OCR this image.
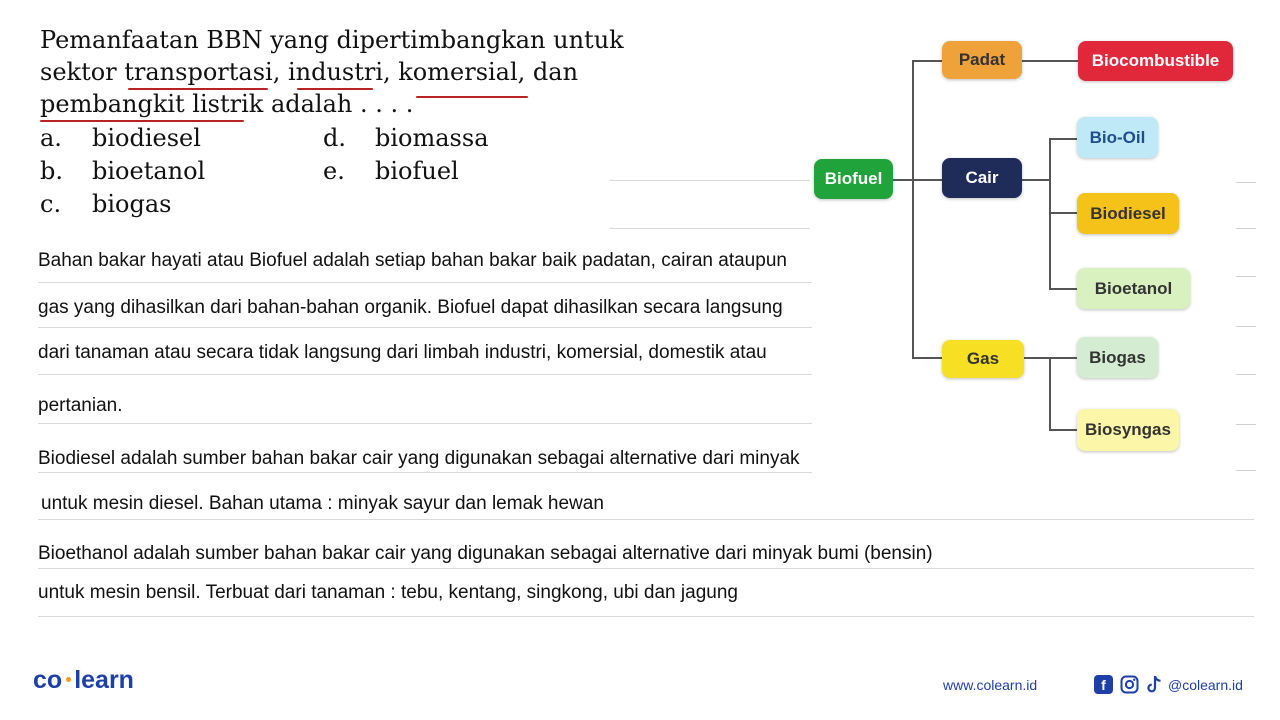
Pemanfaatan BBN yang dipertimbangkan untuk
sektor transportasi, industri, komersial, dan
pembangkit listrik adalah . . . .
a. biodiesel
b. bioetanol
c. biogas
d. biomassa
e. biofuel
Bahan bakar hayati atau Biofuel adalah setiap bahan bakar baik padatan, cairan ataupun
gas yang dihasilkan dari bahan-bahan organik. Biofuel dapat dihasilkan secara langsung
dari tanaman atau secara tidak langsung dari limbah industri, komersial, domestik atau
pertanian.
Biodiesel adalah sumber bahan bakar cair yang digunakan sebagai alternative dari minyak
untuk mesin diesel. Bahan utama : minyak sayur dan lemak hewan
Bioethanol adalah sumber bahan bakar cair yang digunakan sebagai alternative dari minyak bumi (bensin)
untuk mesin bensil. Terbuat dari tanaman : tebu, kentang, singkong, ubi dan jagung
Biofuel
Padat
Cair
Gas
Biocombustible
Bio-Oil
Biodiesel
Bioetanol
Biogas
Biosyngas
co learn	www.colearn.id	f	@colearn.id
